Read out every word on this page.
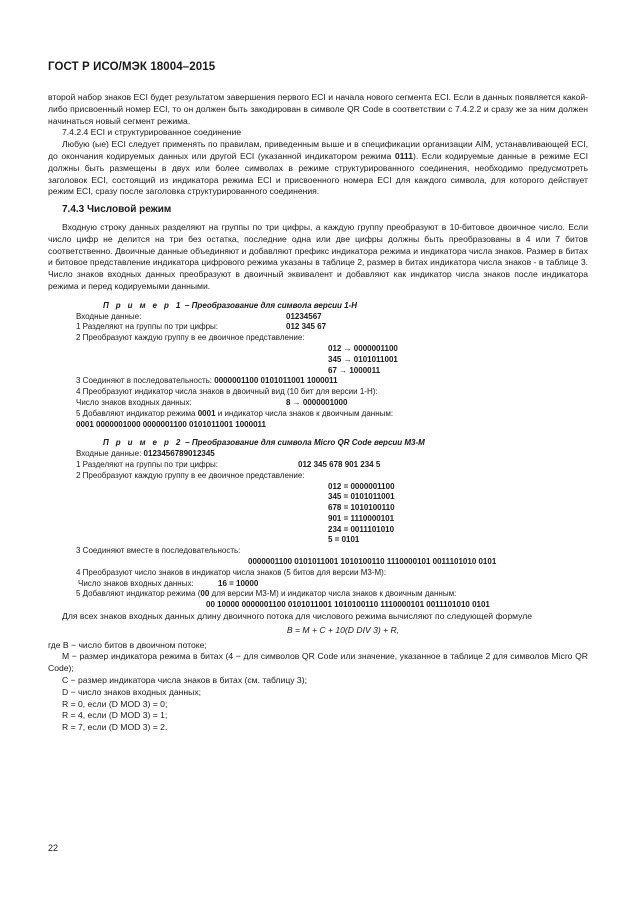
ГОСТ Р ИСО/МЭК 18004–2015

второй набор знаков ECI будет результатом завершения первого ECI и начала нового сегмента ECI. Если в данных появляется какой-либо присвоенный номер ECI, то он должен быть закодирован в символе QR Code в соответствии с 7.4.2.2 и сразу же за ним должен начинаться новый сегмент режима.

7.4.2.4 ECI и структурированное соединение

Любую (ые) ECI следует применять по правилам, приведенным выше и в спецификации организации AIM, устанавливающей ECI, до окончания кодируемых данных или другой ECI (указанной индикатором режима 0111). Если кодируемые данные в режиме ECI должны быть размещены в двух или более символах в режиме структурированного соединения, необходимо предусмотреть заголовок ECI, состоящий из индикатора режима ECI и присвоенного номера ECI для каждого символа, для которого действует режим ECI, сразу после заголовка структурированного соединения.

7.4.3 Числовой режим

Входную строку данных разделяют на группы по три цифры, а каждую группу преобразуют в 10-битовое двоичное число. Если число цифр не делится на три без остатка, последние одна или две цифры должны быть преобразованы в 4 или 7 битов соответственно. Двоичные данные объединяют и добавляют префикс индикатора режима и индикатора числа знаков. Размер в битах и битовое представление индикатора цифрового режима указаны в таблице 2, размер в битах индикатора числа знаков - в таблице 3. Число знаков входных данных преобразуют в двоичный эквивалент и добавляют как индикатор числа знаков после индикатора режима и перед кодируемыми данными.

П р и м е р 1 – Преобразование для символа версии 1-H
Входные данные:	01234567
1 Разделяют на группы по три цифры:	012 345 67
2 Преобразуют каждую группу в ее двоичное представление:
012 → 0000001100
345 → 0101011001
67 → 1000011
3 Соединяют в последовательность: 0000001100 0101011001 1000011
4 Преобразуют индикатор числа знаков в двоичный вид (10 бит для версии 1-H):
Число знаков входных данных:	8 → 0000001000
5 Добавляют индикатор режима 0001 и индикатор числа знаков к двоичным данным:
0001 0000001000 0000001100 0101011001 1000011
П р и м е р 2 − Преобразование для символа Micro QR Code версии M3-M
Входные данные: 0123456789012345
1 Разделяют на группы по три цифры:	012 345 678 901 234 5
2 Преобразуют каждую группу в ее двоичное представление:
012 = 0000001100
345 = 0101011001
678 = 1010100110
901 = 1110000101
234 = 0011101010
5 = 0101
3 Соединяют вместе в последовательность:
0000001100 0101011001 1010100110 1110000101 0011101010 0101
4 Преобразуют число знаков в индикатор числа знаков (5 битов для версии M3-M):
Число знаков входных данных:	16 = 10000
5 Добавляют индикатор режима (00 для версии M3-M) и индикатор числа знаков к двоичным данным:
00 10000 0000001100 0101011001 1010100110 1110000101 0011101010 0101

Для всех знаков входных данных длину двоичного потока для числового режима вычисляют по следующей формуле

B = M + C + 10(D DIV 3) + R,

где B − число битов в двоичном потоке;

M − размер индикатора режима в битах (4 − для символов QR Code или значение, указанное в таблице 2 для символов Micro QR Code);

C − размер индикатора числа знаков в битах (см. таблицу 3);

D − число знаков входных данных;

R = 0, если (D MOD 3) = 0;

R = 4, если (D MOD 3) = 1;

R = 7, если (D MOD 3) = 2.

22
